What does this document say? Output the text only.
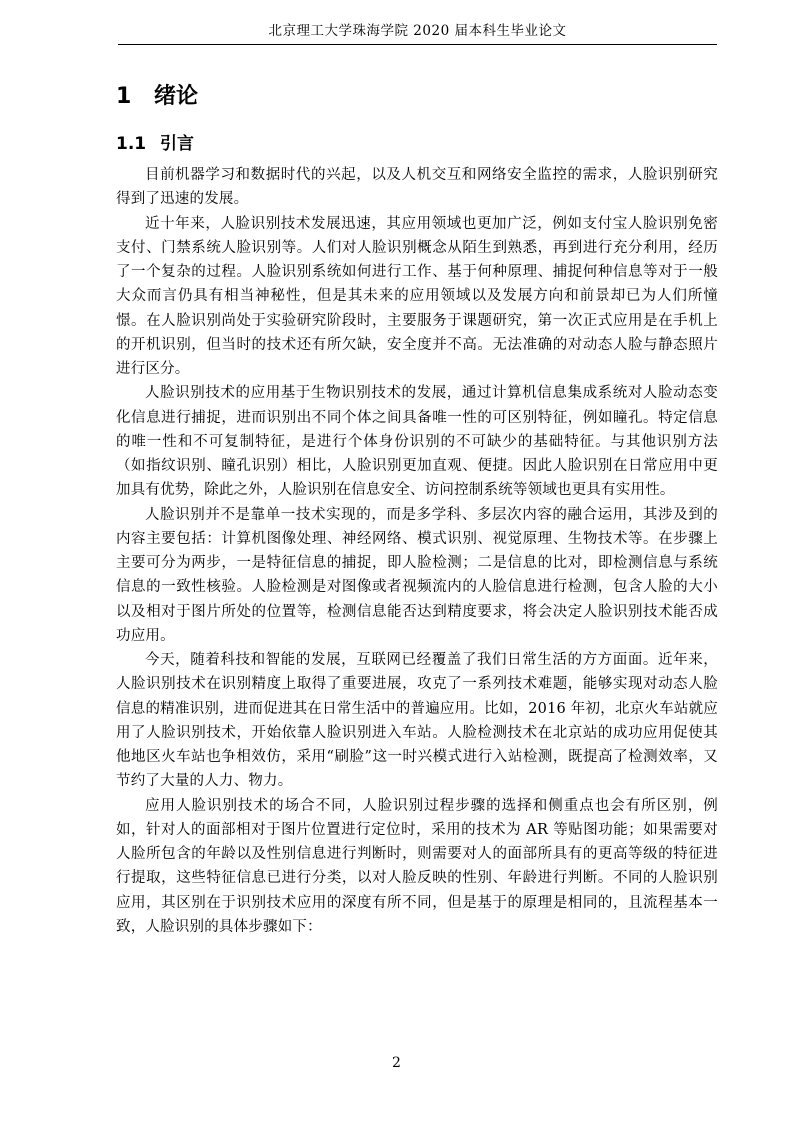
北京理工大学珠海学院 2020 届本科生毕业论文
1 绪论
1.1 引言

目前机器学习和数据时代的兴起，以及人机交互和网络安全监控的需求，人脸识别研究得到了迅速的发展。

近十年来，人脸识别技术发展迅速，其应用领域也更加广泛，例如支付宝人脸识别免密支付、门禁系统人脸识别等。人们对人脸识别概念从陌生到熟悉，再到进行充分利用，经历了一个复杂的过程。人脸识别系统如何进行工作、基于何种原理、捕捉何种信息等对于一般大众而言仍具有相当神秘性，但是其未来的应用领域以及发展方向和前景却已为人们所憧憬。在人脸识别尚处于实验研究阶段时，主要服务于课题研究，第一次正式应用是在手机上的开机识别，但当时的技术还有所欠缺，安全度并不高。无法准确的对动态人脸与静态照片进行区分。

人脸识别技术的应用基于生物识别技术的发展，通过计算机信息集成系统对人脸动态变化信息进行捕捉，进而识别出不同个体之间具备唯一性的可区别特征，例如瞳孔。特定信息的唯一性和不可复制特征，是进行个体身份识别的不可缺少的基础特征。与其他识别方法（如指纹识别、瞳孔识别）相比，人脸识别更加直观、便捷。因此人脸识别在日常应用中更加具有优势，除此之外，人脸识别在信息安全、访问控制系统等领域也更具有实用性。

人脸识别并不是靠单一技术实现的，而是多学科、多层次内容的融合运用，其涉及到的内容主要包括：计算机图像处理、神经网络、模式识别、视觉原理、生物技术等。在步骤上主要可分为两步，一是特征信息的捕捉，即人脸检测；二是信息的比对，即检测信息与系统信息的一致性核验。人脸检测是对图像或者视频流内的人脸信息进行检测，包含人脸的大小以及相对于图片所处的位置等，检测信息能否达到精度要求，将会决定人脸识别技术能否成功应用。

今天，随着科技和智能的发展，互联网已经覆盖了我们日常生活的方方面面。近年来，人脸识别技术在识别精度上取得了重要进展，攻克了一系列技术难题，能够实现对动态人脸信息的精准识别，进而促进其在日常生活中的普遍应用。比如，2016 年初，北京火车站就应用了人脸识别技术，开始依靠人脸识别进入车站。人脸检测技术在北京站的成功应用促使其他地区火车站也争相效仿，采用“刷脸”这一时兴模式进行入站检测，既提高了检测效率，又节约了大量的人力、物力。

应用人脸识别技术的场合不同，人脸识别过程步骤的选择和侧重点也会有所区别，例如，针对人的面部相对于图片位置进行定位时，采用的技术为 AR 等贴图功能；如果需要对人脸所包含的年龄以及性别信息进行判断时，则需要对人的面部所具有的更高等级的特征进行提取，这些特征信息已进行分类，以对人脸反映的性别、年龄进行判断。不同的人脸识别应用，其区别在于识别技术应用的深度有所不同，但是基于的原理是相同的，且流程基本一致，人脸识别的具体步骤如下：

2
